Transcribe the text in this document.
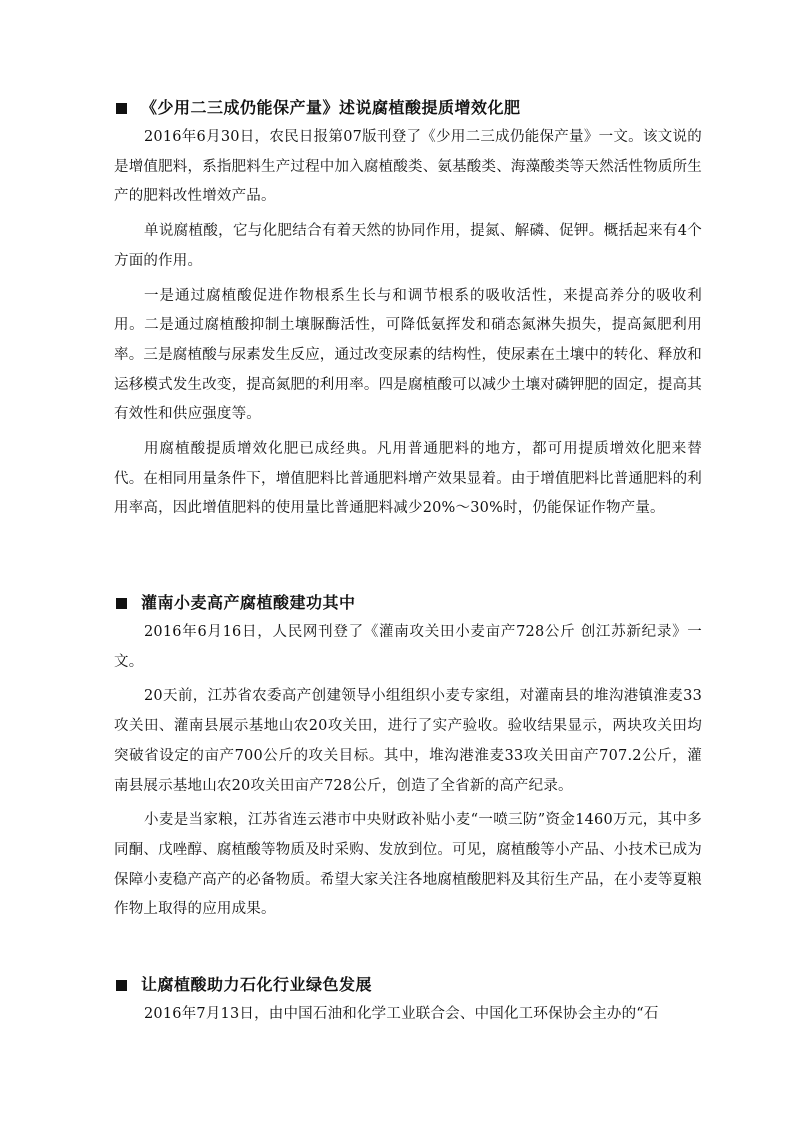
《少用二三成仍能保产量》述说腐植酸提质增效化肥

2016年6月30日，农民日报第07版刊登了《少用二三成仍能保产量》一文。该文说的是增值肥料，系指肥料生产过程中加入腐植酸类、氨基酸类、海藻酸类等天然活性物质所生产的肥料改性增效产品。

单说腐植酸，它与化肥结合有着天然的协同作用，提氮、解磷、促钾。概括起来有4个方面的作用。

一是通过腐植酸促进作物根系生长与和调节根系的吸收活性，来提高养分的吸收利用。二是通过腐植酸抑制土壤脲酶活性，可降低氨挥发和硝态氮淋失损失，提高氮肥利用率。三是腐植酸与尿素发生反应，通过改变尿素的结构性，使尿素在土壤中的转化、释放和运移模式发生改变，提高氮肥的利用率。四是腐植酸可以减少土壤对磷钾肥的固定，提高其有效性和供应强度等。

用腐植酸提质增效化肥已成经典。凡用普通肥料的地方，都可用提质增效化肥来替代。在相同用量条件下，增值肥料比普通肥料增产效果显着。由于增值肥料比普通肥料的利用率高，因此增值肥料的使用量比普通肥料减少20%～30%时，仍能保证作物产量。

灌南小麦高产腐植酸建功其中

2016年6月16日，人民网刊登了《灌南攻关田小麦亩产728公斤 创江苏新纪录》一文。

20天前，江苏省农委高产创建领导小组组织小麦专家组，对灌南县的堆沟港镇淮麦33攻关田、灌南县展示基地山农20攻关田，进行了实产验收。验收结果显示，两块攻关田均突破省设定的亩产700公斤的攻关目标。其中，堆沟港淮麦33攻关田亩产707.2公斤，灌南县展示基地山农20攻关田亩产728公斤，创造了全省新的高产纪录。

小麦是当家粮，江苏省连云港市中央财政补贴小麦“一喷三防”资金1460万元，其中多同酮、戊唑醇、腐植酸等物质及时采购、发放到位。可见，腐植酸等小产品、小技术已成为保障小麦稳产高产的必备物质。希望大家关注各地腐植酸肥料及其衍生产品，在小麦等夏粮作物上取得的应用成果。

让腐植酸助力石化行业绿色发展

2016年7月13日，由中国石油和化学工业联合会、中国化工环保协会主办的“石
